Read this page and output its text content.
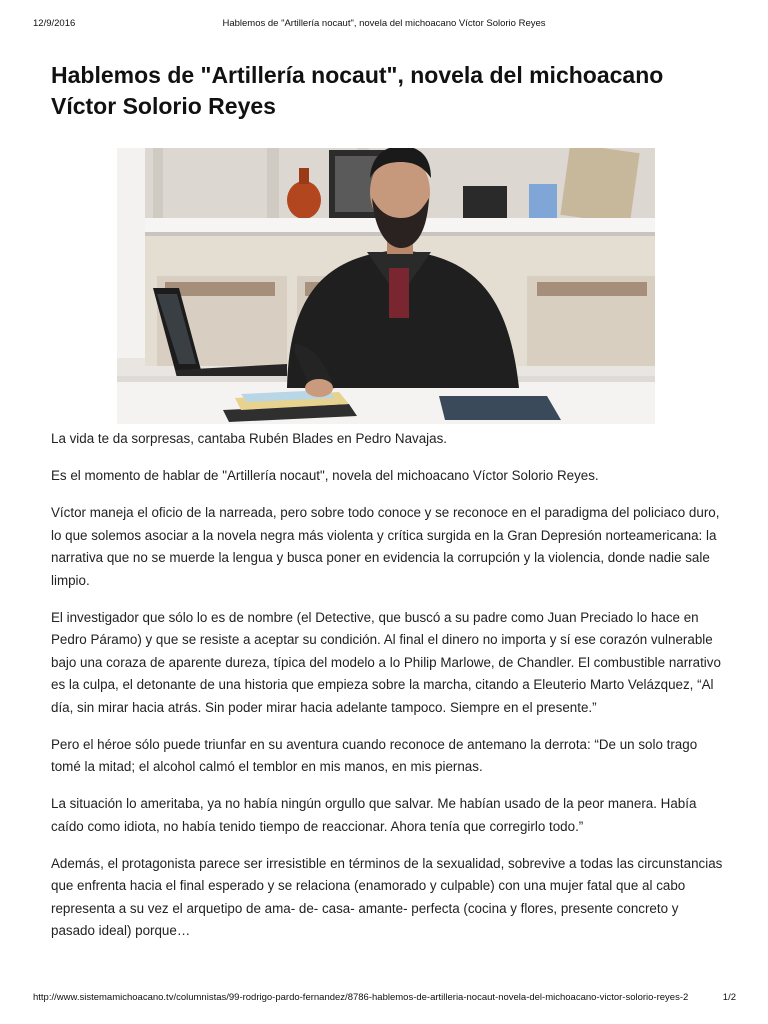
12/9/2016	Hablemos de "Artillería nocaut", novela del michoacano Víctor Solorio Reyes
Hablemos de "Artillería nocaut", novela del michoacano Víctor Solorio Reyes

La vida te da sorpresas, cantaba Rubén Blades en Pedro Navajas.

Es el momento de hablar de "Artillería nocaut", novela del michoacano Víctor Solorio Reyes.

Víctor maneja el oficio de la narreada, pero sobre todo conoce y se reconoce en el paradigma del policiaco duro, lo que solemos asociar a la novela negra más violenta y crítica surgida en la Gran Depresión norteamericana: la narrativa que no se muerde la lengua y busca poner en evidencia la corrupción y la violencia, donde nadie sale limpio.

El investigador que sólo lo es de nombre (el Detective, que buscó a su padre como Juan Preciado lo hace en Pedro Páramo) y que se resiste a aceptar su condición. Al final el dinero no importa y sí ese corazón vulnerable bajo una coraza de aparente dureza, típica del modelo a lo Philip Marlowe, de Chandler. El combustible narrativo es la culpa, el detonante de una historia que empieza sobre la marcha, citando a Eleuterio Marto Velázquez, “Al día, sin mirar hacia atrás. Sin poder mirar hacia adelante tampoco. Siempre en el presente.”

Pero el héroe sólo puede triunfar en su aventura cuando reconoce de antemano la derrota: “De un solo trago tomé la mitad; el alcohol calmó el temblor en mis manos, en mis piernas.

La situación lo ameritaba, ya no había ningún orgullo que salvar. Me habían usado de la peor manera. Había caído como idiota, no había tenido tiempo de reaccionar. Ahora tenía que corregirlo todo.”

Además, el protagonista parece ser irresistible en términos de la sexualidad, sobrevive a todas las circunstancias que enfrenta hacia el final esperado y se relaciona (enamorado y culpable) con una mujer fatal que al cabo representa a su vez el arquetipo de ama- de- casa- amante- perfecta (cocina y flores, presente concreto y pasado ideal) porque…

http://www.sistemamichoacano.tv/columnistas/99-rodrigo-pardo-fernandez/8786-hablemos-de-artilleria-nocaut-novela-del-michoacano-victor-solorio-reyes-2	1/2
